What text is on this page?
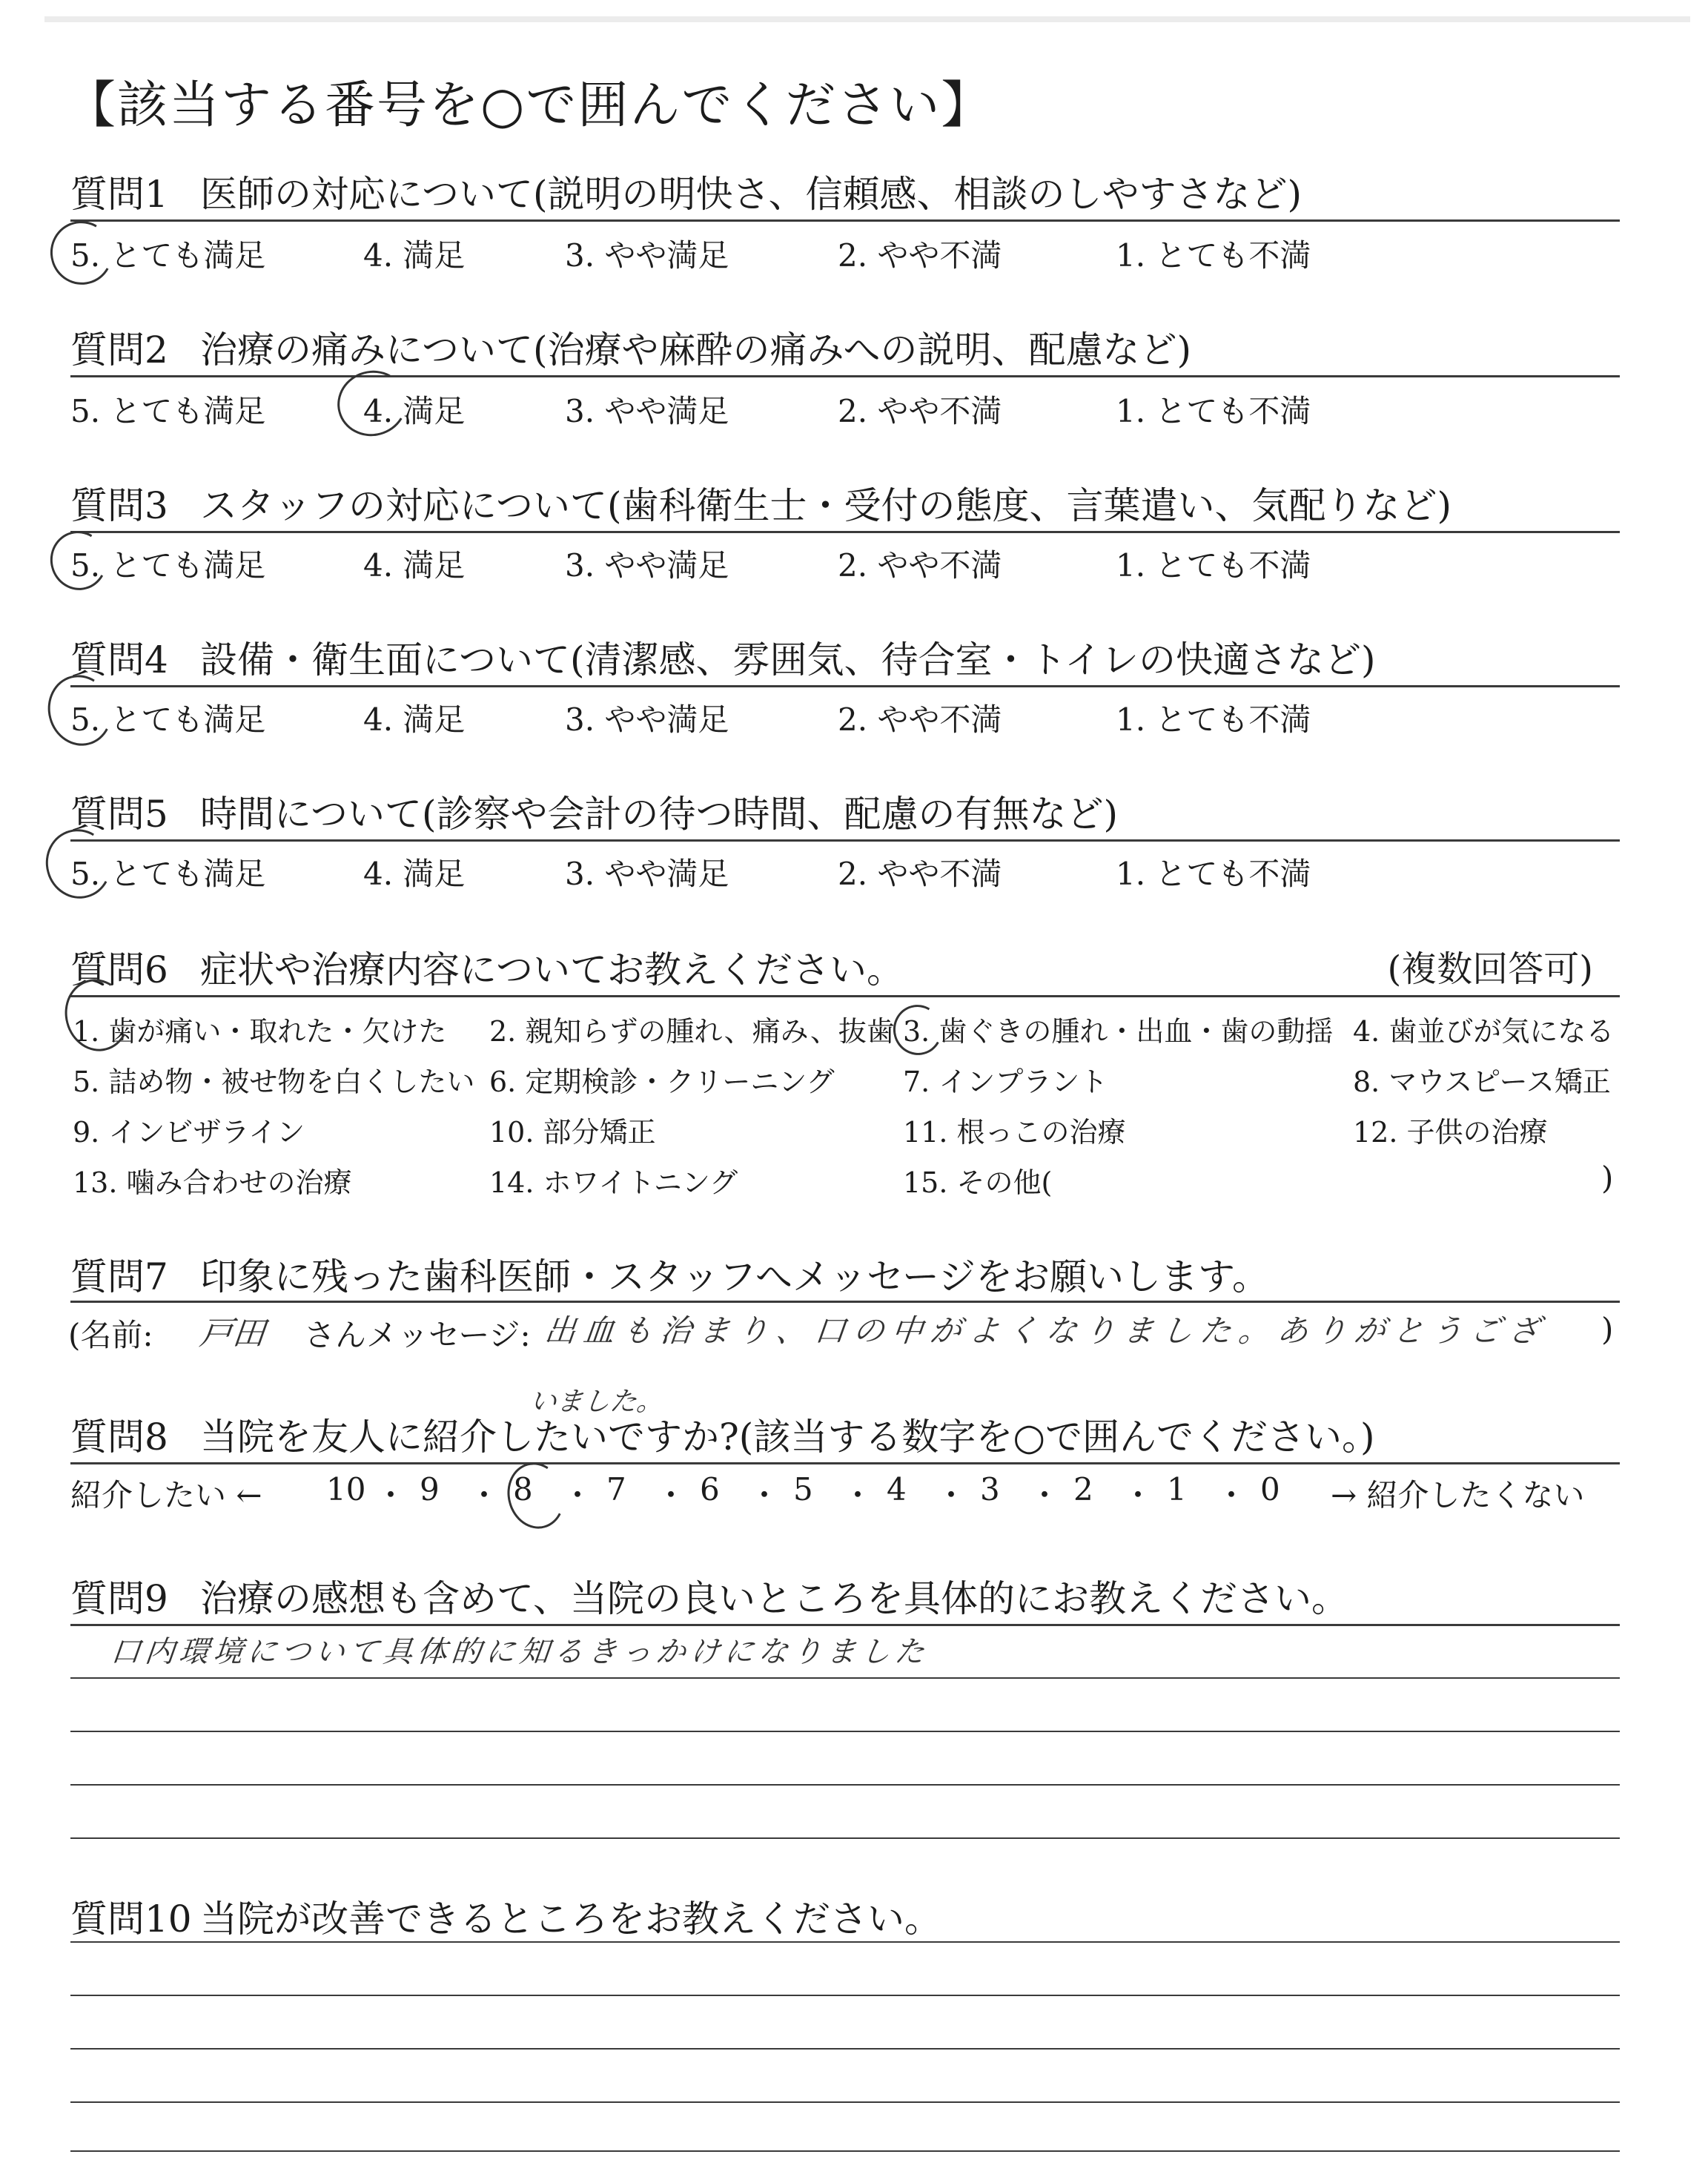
【該当する番号を○で囲んでください】
質問1 医師の対応について(説明の明快さ、信頼感、相談のしやすさなど)
5. とても満足	4. 満足	3. やや満足	2. やや不満	1. とても不満
質問2 治療の痛みについて(治療や麻酔の痛みへの説明、配慮など)
5. とても満足	4. 満足	3. やや満足	2. やや不満	1. とても不満
質問3 スタッフの対応について(歯科衛生士・受付の態度、言葉遣い、気配りなど)
5. とても満足	4. 満足	3. やや満足	2. やや不満	1. とても不満
質問4 設備・衛生面について(清潔感、雰囲気、待合室・トイレの快適さなど)
5. とても満足	4. 満足	3. やや満足	2. やや不満	1. とても不満
質問5 時間について(診察や会計の待つ時間、配慮の有無など)
5. とても満足	4. 満足	3. やや満足	2. やや不満	1. とても不満
質問6 症状や治療内容についてお教えください。	(複数回答可)
1. 歯が痛い・取れた・欠けた 2. 親知らずの腫れ、痛み、抜歯 3. 歯ぐきの腫れ・出血・歯の動揺 4. 歯並びが気になる
5. 詰め物・被せ物を白くしたい 6. 定期検診・クリーニング 7. インプラント	8. マウスピース矯正
9. インビザライン	10. 部分矯正	11. 根っこの治療	12. 子供の治療
13. 噛み合わせの治療	14. ホワイトニング	15. その他(	)
質問7 印象に残った歯科医師・スタッフへメッセージをお願いします。
(名前: 戸田 さんメッセージ: 出血も治まり、口の中がよくなりました。ありがとうござ )
いました。
質問8 当院を友人に紹介したいですか?(該当する数字を○で囲んでください。)
紹介したい ← 10 ・ 9 ・ 8 ・ 7 ・ 6 ・ 5 ・ 4 ・ 3 ・ 2 ・ 1 ・ 0 → 紹介したくない
質問9 治療の感想も含めて、当院の良いところを具体的にお教えください。
口内環境について具体的に知るきっかけになりました
質問10 当院が改善できるところをお教えください。
